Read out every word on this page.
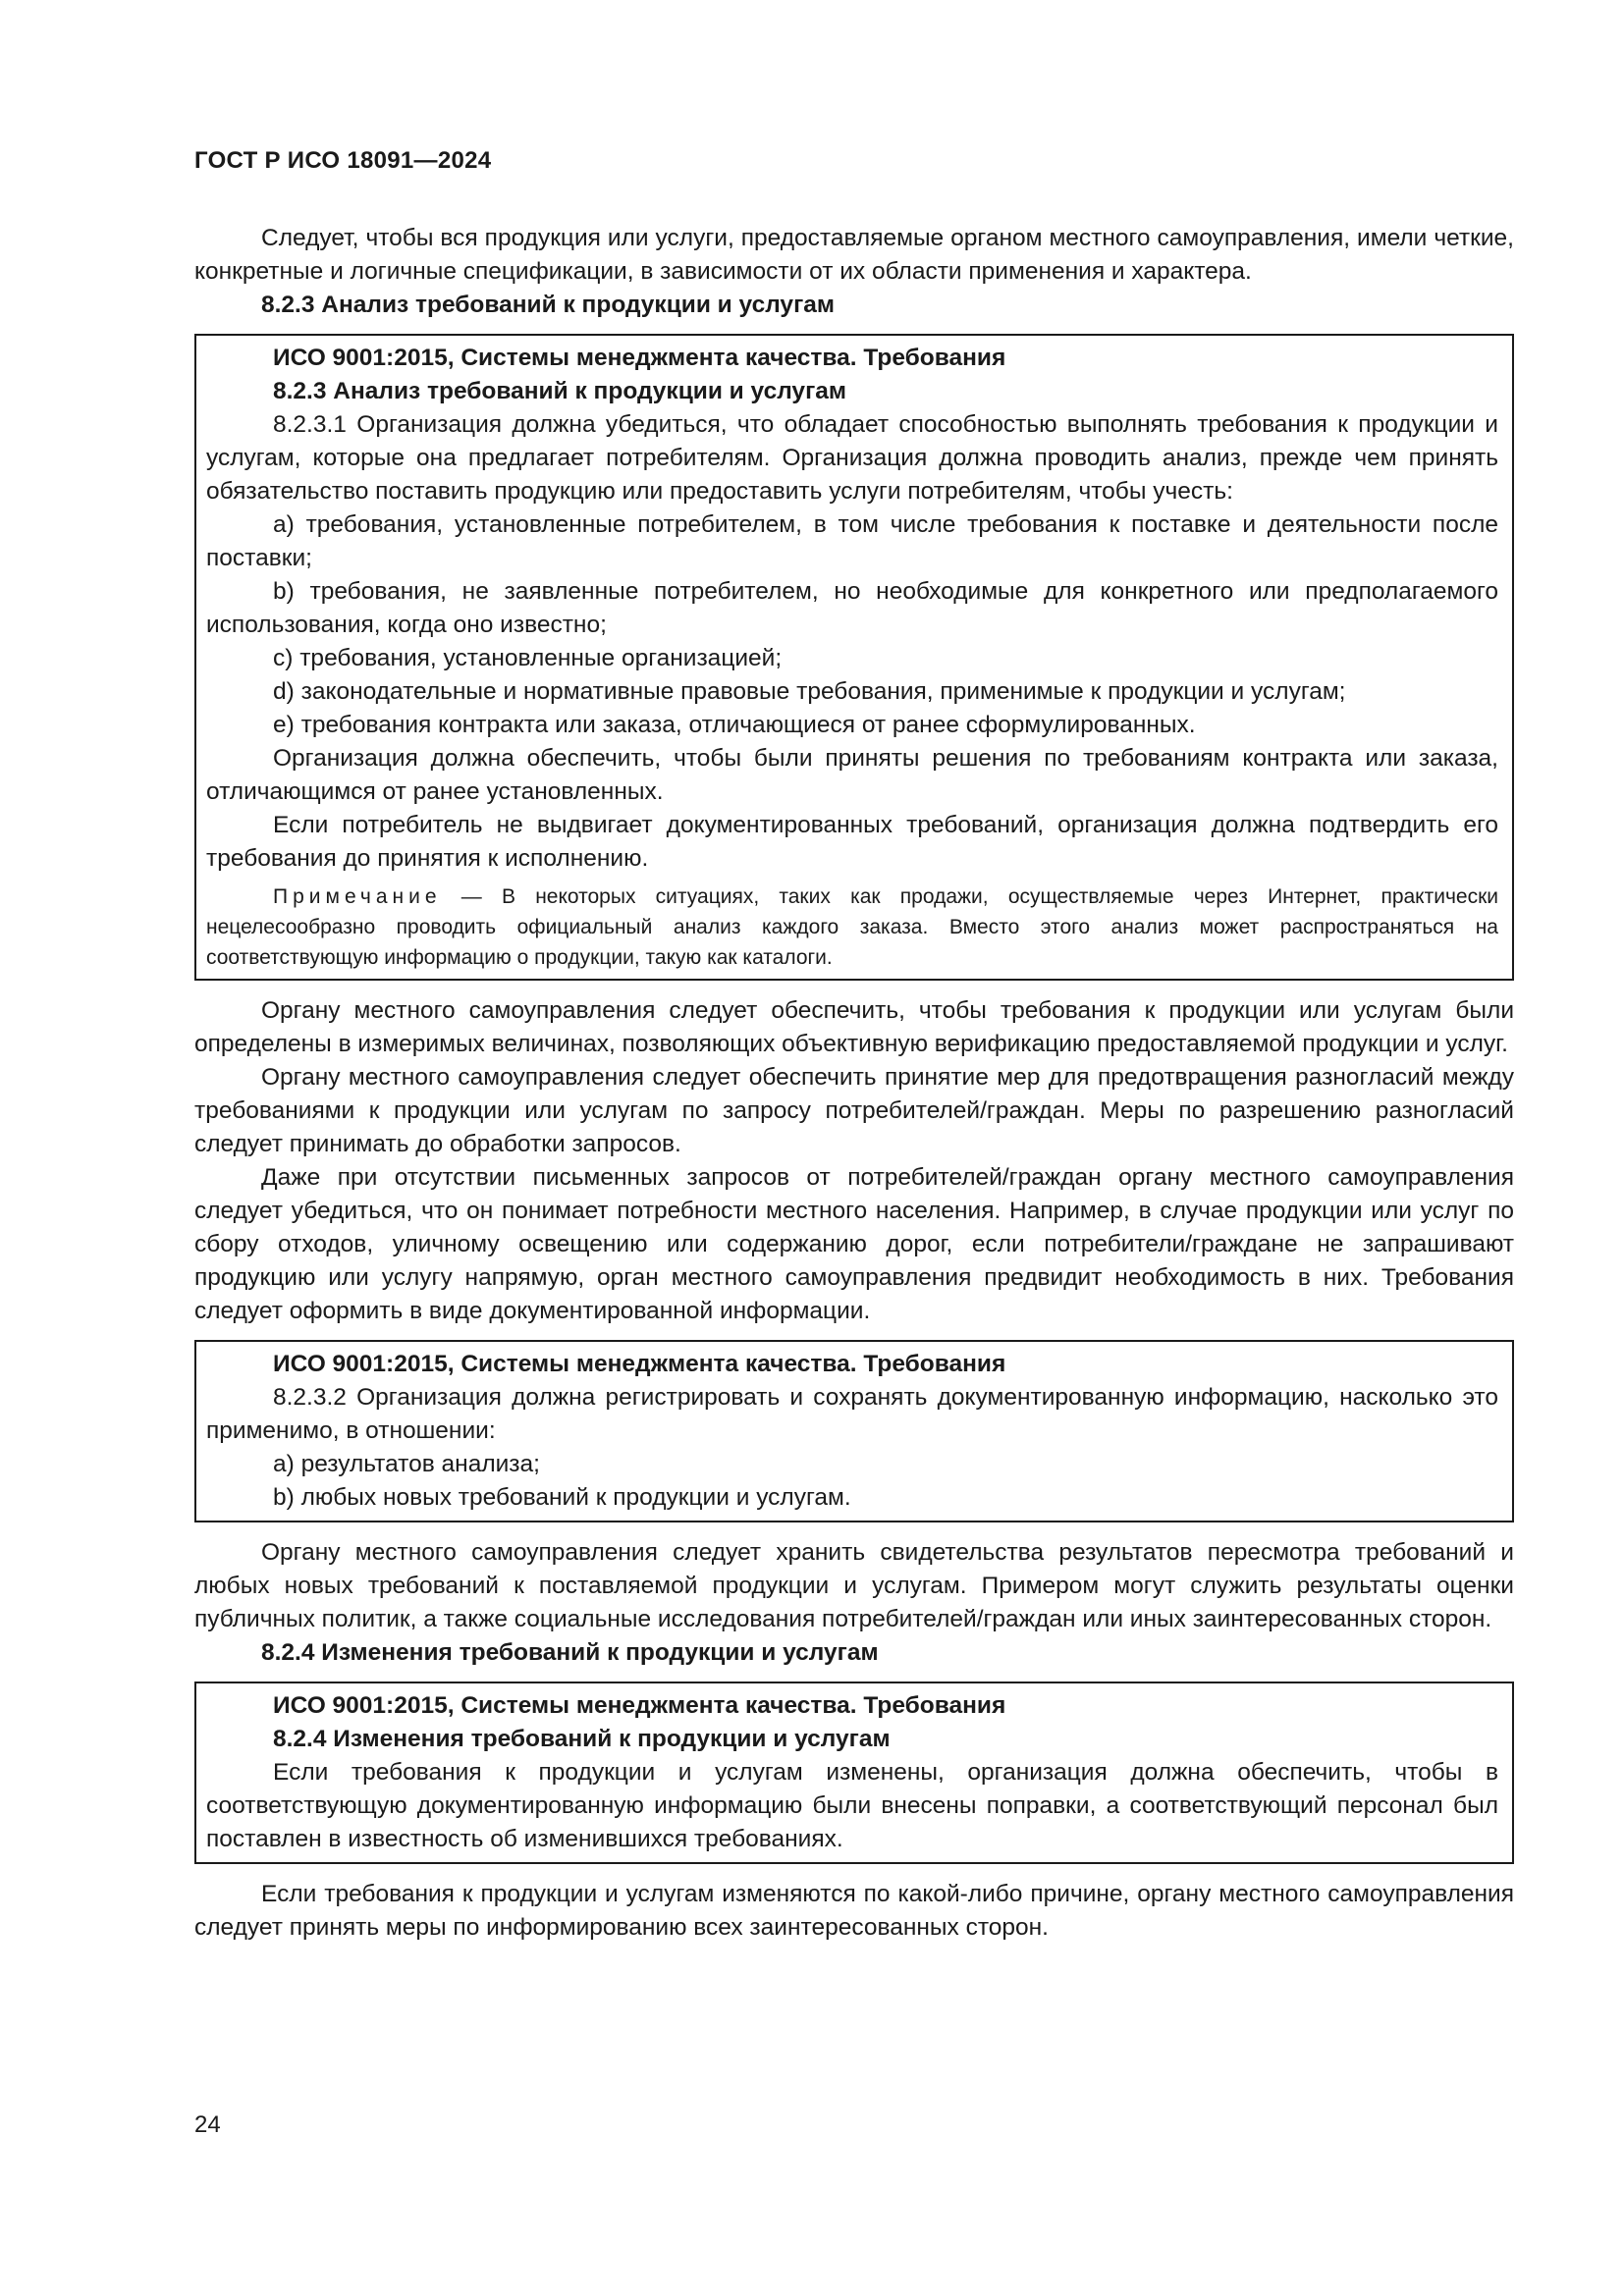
ГОСТ Р ИСО 18091—2024

Следует, чтобы вся продукция или услуги, предоставляемые органом местного самоуправления, имели четкие, конкретные и логичные спецификации, в зависимости от их области применения и характера.

8.2.3 Анализ требований к продукции и услугам

ИСО 9001:2015, Системы менеджмента качества. Требования

8.2.3 Анализ требований к продукции и услугам

8.2.3.1 Организация должна убедиться, что обладает способностью выполнять требования к продукции и услугам, которые она предлагает потребителям. Организация должна проводить анализ, прежде чем принять обязательство поставить продукцию или предоставить услуги потребителям, чтобы учесть:

a) требования, установленные потребителем, в том числе требования к поставке и деятельности после поставки;

b) требования, не заявленные потребителем, но необходимые для конкретного или предполагаемого использования, когда оно известно;

c) требования, установленные организацией;

d) законодательные и нормативные правовые требования, применимые к продукции и услугам;

e) требования контракта или заказа, отличающиеся от ранее сформулированных.

Организация должна обеспечить, чтобы были приняты решения по требованиям контракта или заказа, отличающимся от ранее установленных.

Если потребитель не выдвигает документированных требований, организация должна подтвердить его требования до принятия к исполнению.

Примечание — В некоторых ситуациях, таких как продажи, осуществляемые через Интернет, практически нецелесообразно проводить официальный анализ каждого заказа. Вместо этого анализ может распространяться на соответствующую информацию о продукции, такую как каталоги.

Органу местного самоуправления следует обеспечить, чтобы требования к продукции или услугам были определены в измеримых величинах, позволяющих объективную верификацию предоставляемой продукции и услуг.

Органу местного самоуправления следует обеспечить принятие мер для предотвращения разногласий между требованиями к продукции или услугам по запросу потребителей/граждан. Меры по разрешению разногласий следует принимать до обработки запросов.

Даже при отсутствии письменных запросов от потребителей/граждан органу местного самоуправления следует убедиться, что он понимает потребности местного населения. Например, в случае продукции или услуг по сбору отходов, уличному освещению или содержанию дорог, если потребители/граждане не запрашивают продукцию или услугу напрямую, орган местного самоуправления предвидит необходимость в них. Требования следует оформить в виде документированной информации.

ИСО 9001:2015, Системы менеджмента качества. Требования

8.2.3.2 Организация должна регистрировать и сохранять документированную информацию, насколько это применимо, в отношении:

a) результатов анализа;

b) любых новых требований к продукции и услугам.

Органу местного самоуправления следует хранить свидетельства результатов пересмотра требований и любых новых требований к поставляемой продукции и услугам. Примером могут служить результаты оценки публичных политик, а также социальные исследования потребителей/граждан или иных заинтересованных сторон.

8.2.4 Изменения требований к продукции и услугам

ИСО 9001:2015, Системы менеджмента качества. Требования

8.2.4 Изменения требований к продукции и услугам

Если требования к продукции и услугам изменены, организация должна обеспечить, чтобы в соответствующую документированную информацию были внесены поправки, а соответствующий персонал был поставлен в известность об изменившихся требованиях.

Если требования к продукции и услугам изменяются по какой-либо причине, органу местного самоуправления следует принять меры по информированию всех заинтересованных сторон.

24
